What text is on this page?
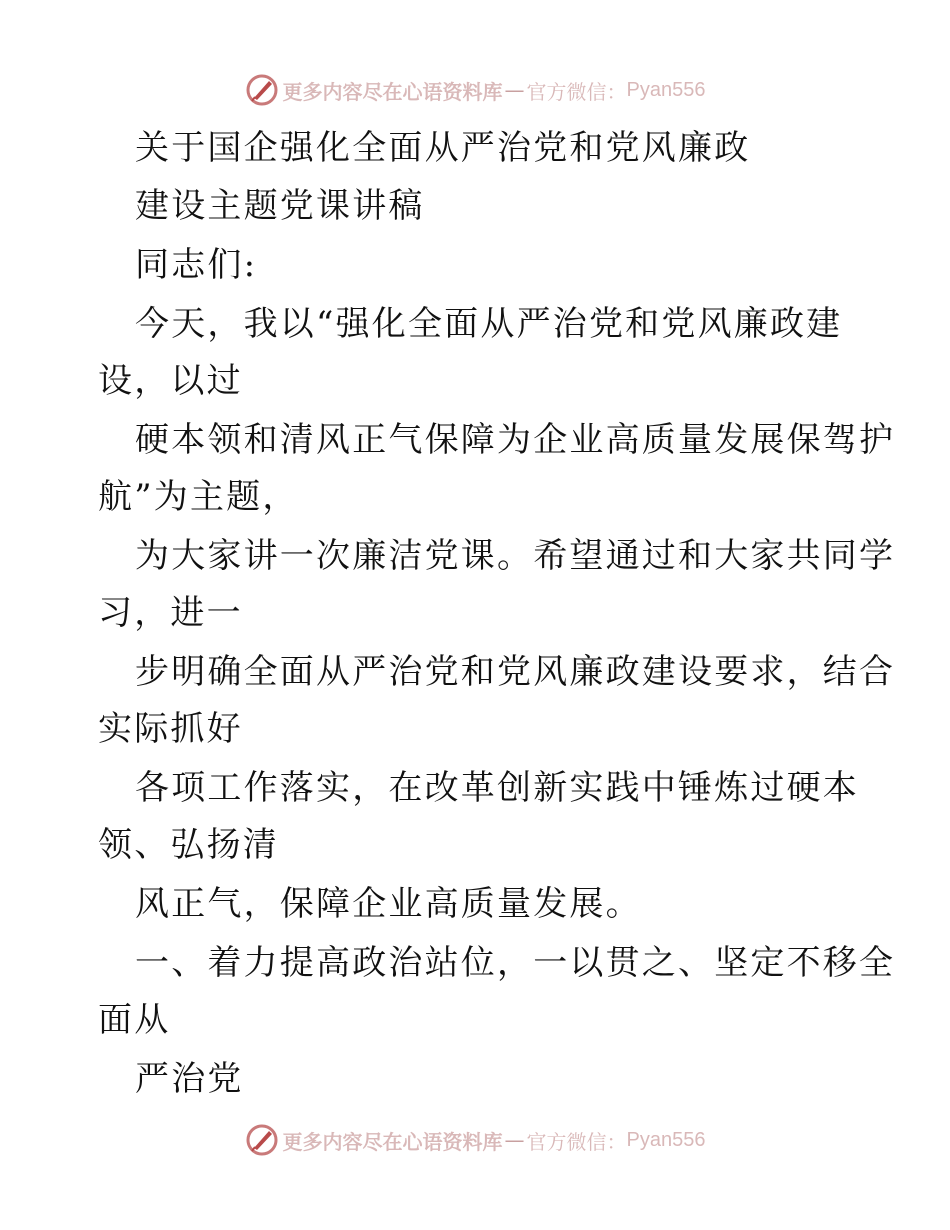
更多内容尽在心语资料库 — 官方微信： Pyan556
关于国企强化全面从严治党和党风廉政
建设主题党课讲稿
同志们:
今天，我以“强化全面从严治党和党风廉政建
设，以过
硬本领和清风正气保障为企业高质量发展保驾护
航”为主题，
为大家讲一次廉洁党课。希望通过和大家共同学
习，进一
步明确全面从严治党和党风廉政建设要求，结合
实际抓好
各项工作落实，在改革创新实践中锤炼过硬本
领、弘扬清
风正气，保障企业高质量发展。
一、着力提高政治站位，一以贯之、坚定不移全
面从
严治党
更多内容尽在心语资料库 — 官方微信： Pyan556
